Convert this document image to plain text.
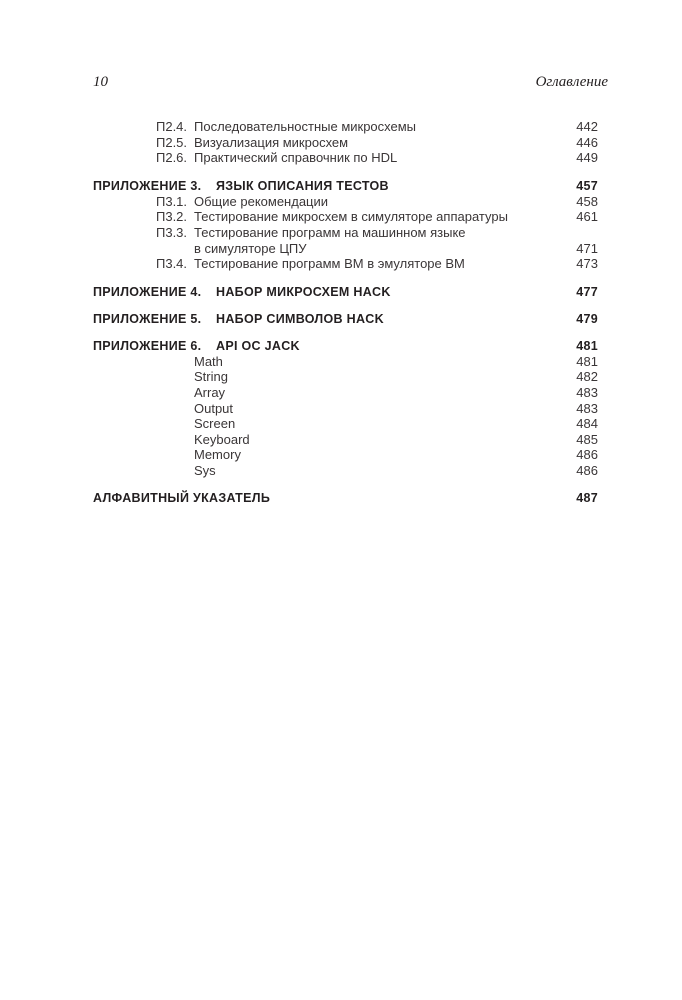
10	Оглавление
П2.4. Последовательностные микросхемы	442
П2.5. Визуализация микросхем	446
П2.6. Практический справочник по HDL	449
ПРИЛОЖЕНИЕ 3. ЯЗЫК ОПИСАНИЯ ТЕСТОВ	457
П3.1. Общие рекомендации	458
П3.2. Тестирование микросхем в симуляторе аппаратуры	461
П3.3. Тестирование программ на машинном языке
в симуляторе ЦПУ	471
П3.4. Тестирование программ ВМ в эмуляторе ВМ	473
ПРИЛОЖЕНИЕ 4. НАБОР МИКРОСХЕМ HACK	477
ПРИЛОЖЕНИЕ 5. НАБОР СИМВОЛОВ HACK	479
ПРИЛОЖЕНИЕ 6. API ОС JACK	481
Math	481
String	482
Array	483
Output	483
Screen	484
Keyboard	485
Memory	486
Sys	486
АЛФАВИТНЫЙ УКАЗАТЕЛЬ	487
